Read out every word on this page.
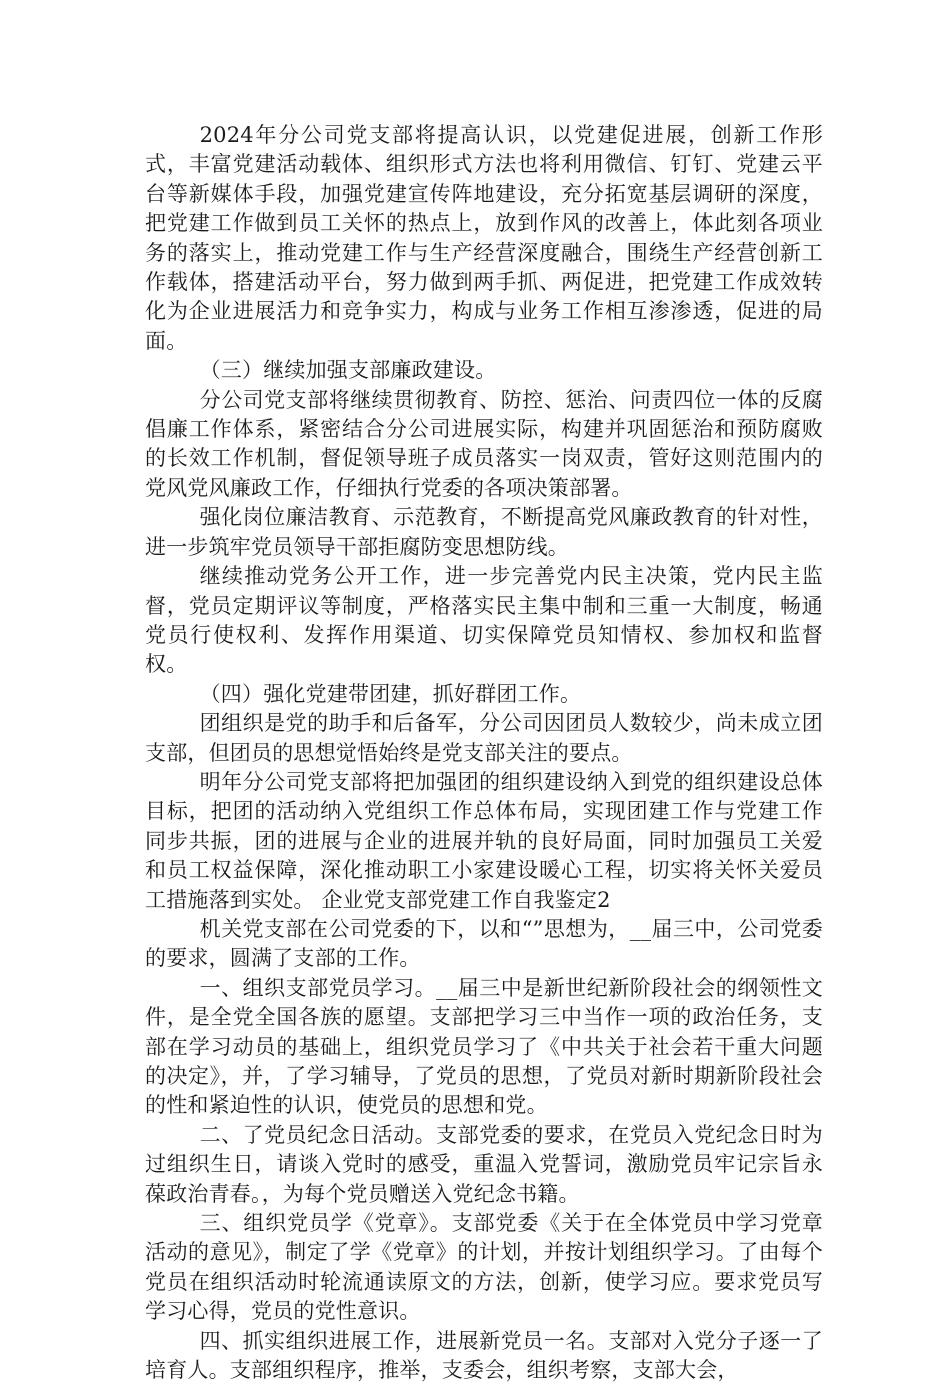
2024年分公司党支部将提高认识，以党建促进展，创新工作形式，丰富党建活动载体、组织形式方法也将利用微信、钉钉、党建云平台等新媒体手段，加强党建宣传阵地建设，充分拓宽基层调研的深度，把党建工作做到员工关怀的热点上，放到作风的改善上，体此刻各项业务的落实上，推动党建工作与生产经营深度融合，围绕生产经营创新工作载体，搭建活动平台，努力做到两手抓、两促进，把党建工作成效转化为企业进展活力和竞争实力，构成与业务工作相互渗渗透，促进的局面。

（三）继续加强支部廉政建设。

分公司党支部将继续贯彻教育、防控、惩治、问责四位一体的反腐倡廉工作体系，紧密结合分公司进展实际，构建并巩固惩治和预防腐败的长效工作机制，督促领导班子成员落实一岗双责，管好这则范围内的党风党风廉政工作，仔细执行党委的各项决策部署。

强化岗位廉洁教育、示范教育，不断提高党风廉政教育的针对性，进一步筑牢党员领导干部拒腐防变思想防线。

继续推动党务公开工作，进一步完善党内民主决策，党内民主监督，党员定期评议等制度，严格落实民主集中制和三重一大制度，畅通党员行使权利、发挥作用渠道、切实保障党员知情权、参加权和监督权。

（四）强化党建带团建，抓好群团工作。

团组织是党的助手和后备军，分公司因团员人数较少，尚未成立团支部，但团员的思想觉悟始终是党支部关注的要点。

明年分公司党支部将把加强团的组织建设纳入到党的组织建设总体目标，把团的活动纳入党组织工作总体布局，实现团建工作与党建工作同步共振，团的进展与企业的进展并轨的良好局面，同时加强员工关爱和员工权益保障，深化推动职工小家建设暖心工程，切实将关怀关爱员工措施落到实处。 企业党支部党建工作自我鉴定2

机关党支部在公司党委的下，以和“”思想为，__届三中，公司党委的要求，圆满了支部的工作。

一、组织支部党员学习。__届三中是新世纪新阶段社会的纲领性文件，是全党全国各族的愿望。支部把学习三中当作一项的政治任务，支部在学习动员的基础上，组织党员学习了《中共关于社会若干重大问题的决定》，并，了学习辅导，了党员的思想，了党员对新时期新阶段社会的性和紧迫性的认识，使党员的思想和党。

二、了党员纪念日活动。支部党委的要求，在党员入党纪念日时为过组织生日，请谈入党时的感受，重温入党誓词，激励党员牢记宗旨永葆政治青春。，为每个党员赠送入党纪念书籍。

三、组织党员学《党章》。支部党委《关于在全体党员中学习党章活动的意见》，制定了学《党章》的计划，并按计划组织学习。了由每个党员在组织活动时轮流通读原文的方法，创新，使学习应。要求党员写学习心得，党员的党性意识。

四、抓实组织进展工作，进展新党员一名。支部对入党分子逐一了培育人。支部组织程序，推举，支委会，组织考察，支部大会，
